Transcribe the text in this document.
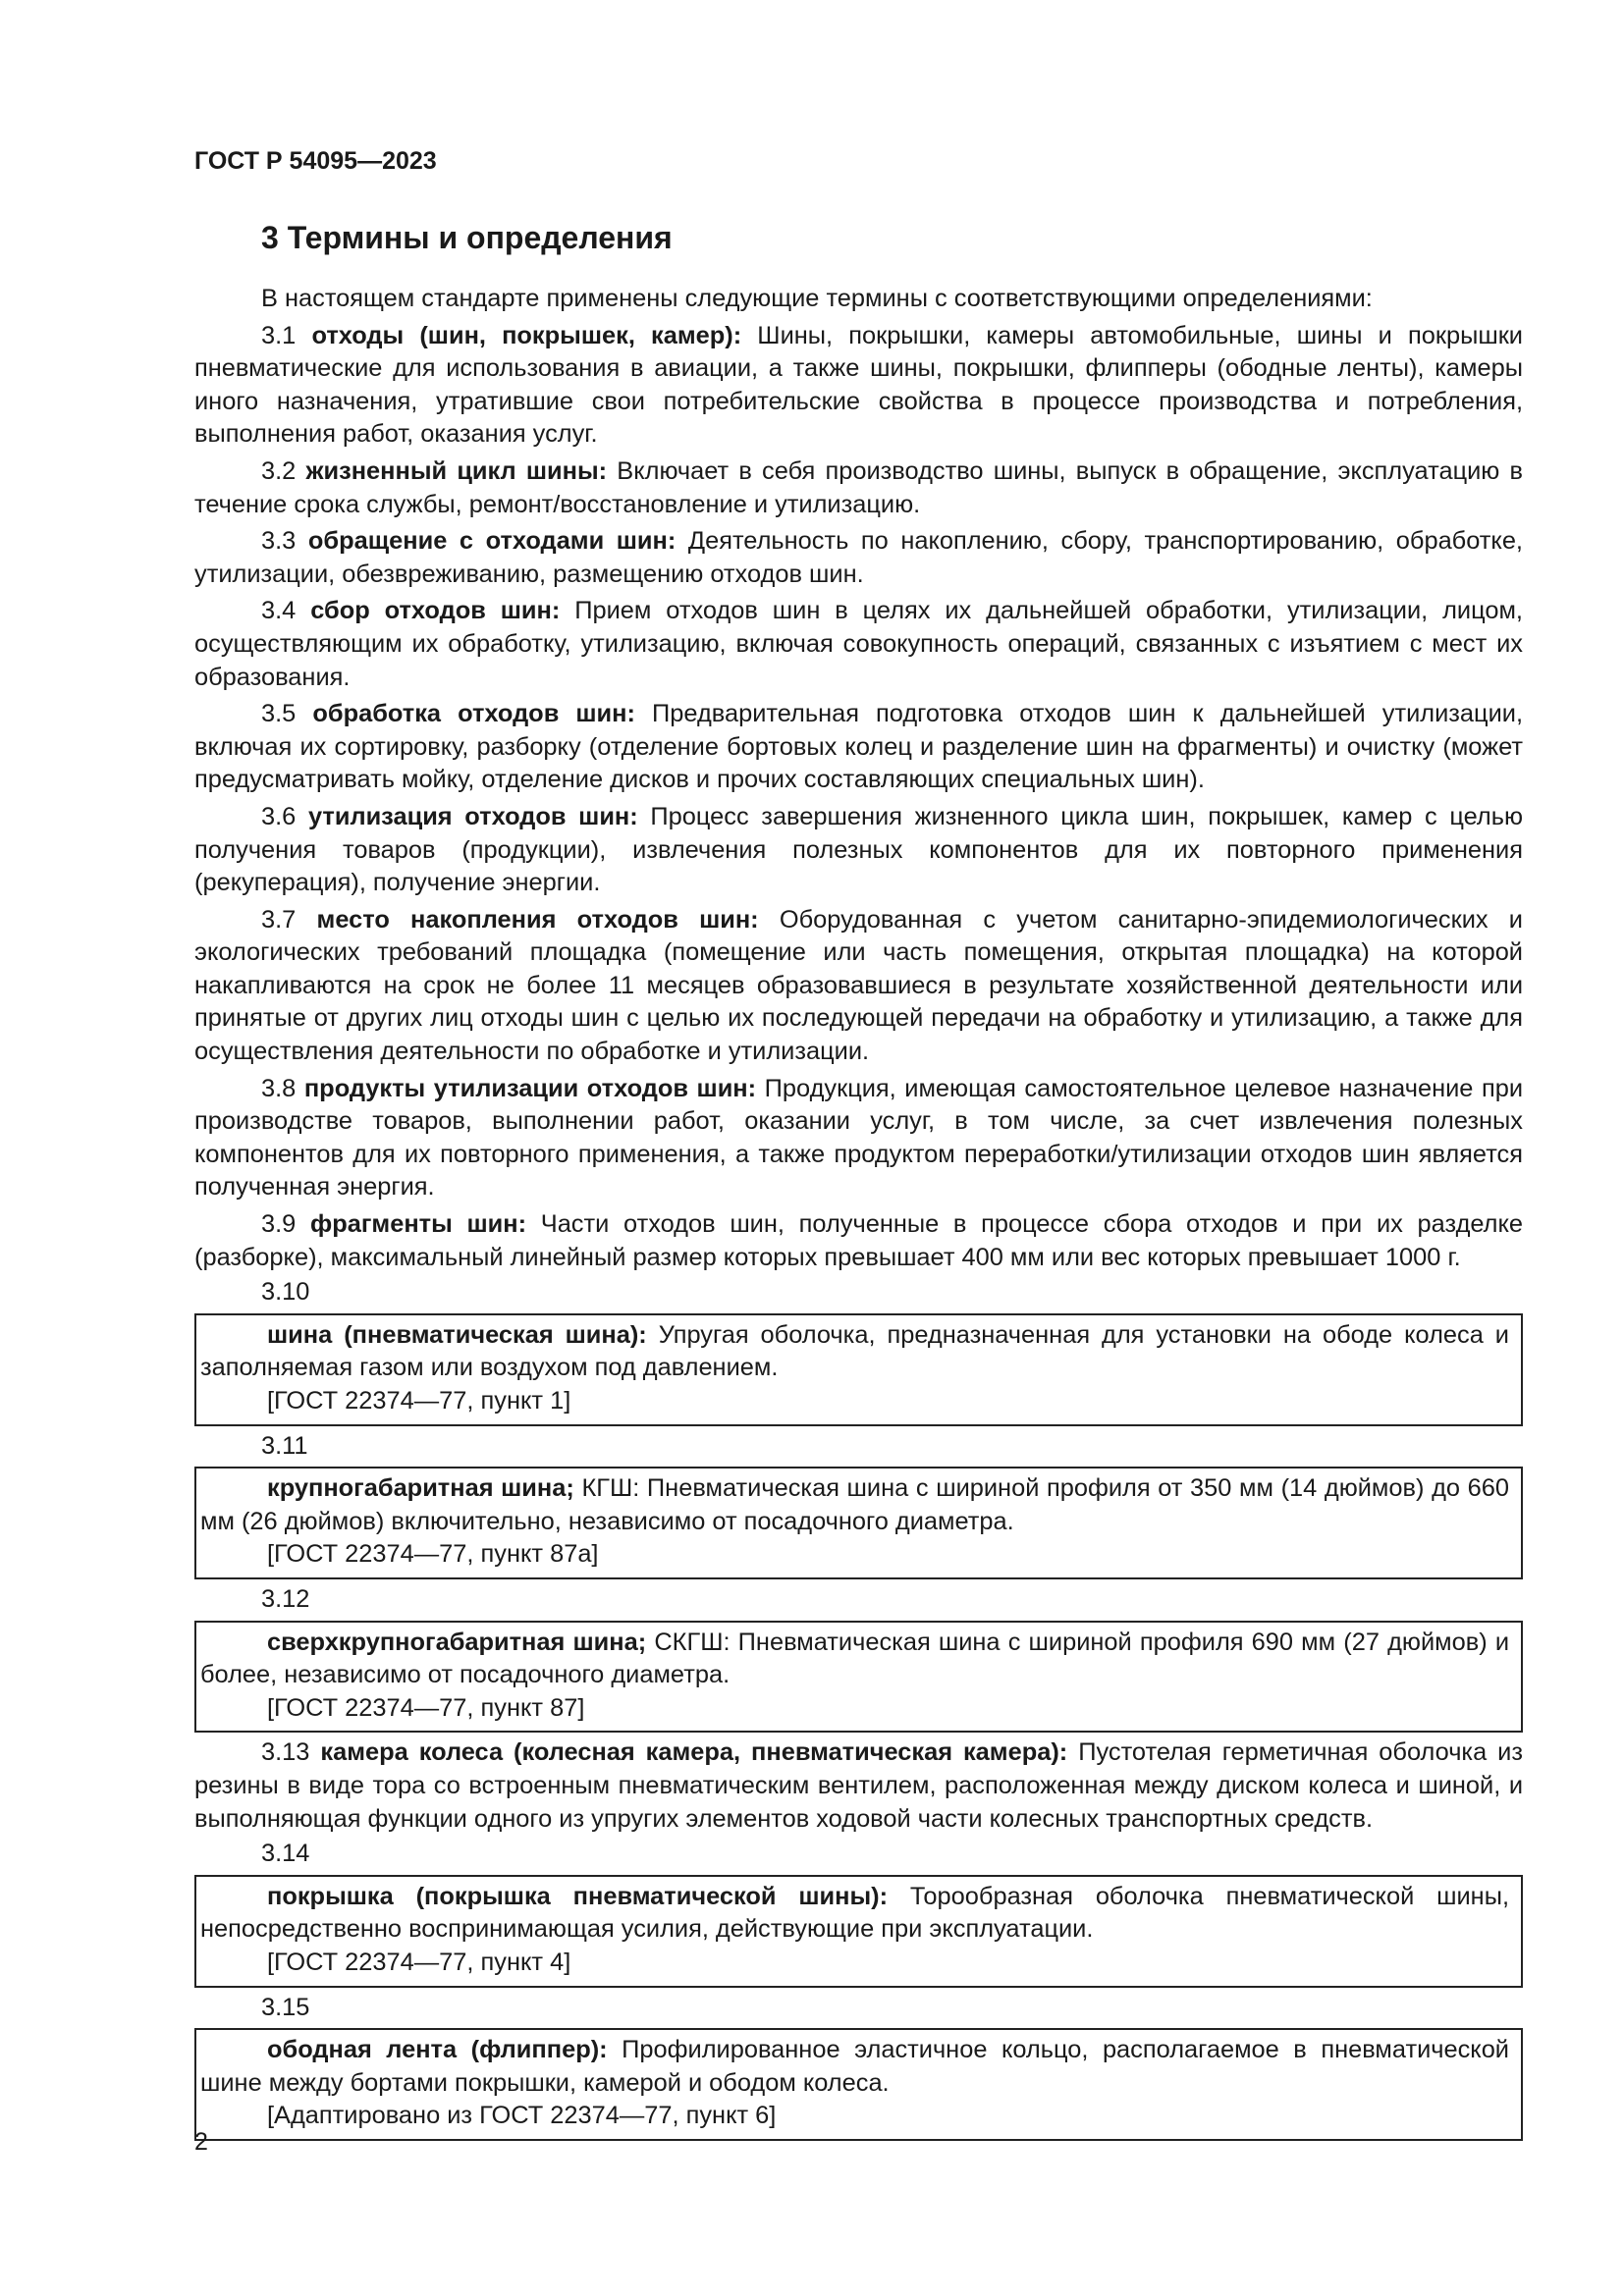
ГОСТ Р 54095—2023
3 Термины и определения

В настоящем стандарте применены следующие термины с соответствующими определениями:

3.1 отходы (шин, покрышек, камер): Шины, покрышки, камеры автомобильные, шины и покрышки пневматические для использования в авиации, а также шины, покрышки, флипперы (ободные ленты), камеры иного назначения, утратившие свои потребительские свойства в процессе производства и потребления, выполнения работ, оказания услуг.

3.2 жизненный цикл шины: Включает в себя производство шины, выпуск в обращение, эксплуатацию в течение срока службы, ремонт/восстановление и утилизацию.

3.3 обращение с отходами шин: Деятельность по накоплению, сбору, транспортированию, обработке, утилизации, обезвреживанию, размещению отходов шин.

3.4 сбор отходов шин: Прием отходов шин в целях их дальнейшей обработки, утилизации, лицом, осуществляющим их обработку, утилизацию, включая совокупность операций, связанных с изъятием с мест их образования.

3.5 обработка отходов шин: Предварительная подготовка отходов шин к дальнейшей утилизации, включая их сортировку, разборку (отделение бортовых колец и разделение шин на фрагменты) и очистку (может предусматривать мойку, отделение дисков и прочих составляющих специальных шин).

3.6 утилизация отходов шин: Процесс завершения жизненного цикла шин, покрышек, камер с целью получения товаров (продукции), извлечения полезных компонентов для их повторного применения (рекуперация), получение энергии.

3.7 место накопления отходов шин: Оборудованная с учетом санитарно-эпидемиологических и экологических требований площадка (помещение или часть помещения, открытая площадка) на которой накапливаются на срок не более 11 месяцев образовавшиеся в результате хозяйственной деятельности или принятые от других лиц отходы шин с целью их последующей передачи на обработку и утилизацию, а также для осуществления деятельности по обработке и утилизации.

3.8 продукты утилизации отходов шин: Продукция, имеющая самостоятельное целевое назначение при производстве товаров, выполнении работ, оказании услуг, в том числе, за счет извлечения полезных компонентов для их повторного применения, а также продуктом переработки/утилизации отходов шин является полученная энергия.

3.9 фрагменты шин: Части отходов шин, полученные в процессе сбора отходов и при их разделке (разборке), максимальный линейный размер которых превышает 400 мм или вес которых превышает 1000 г.

3.10

шина (пневматическая шина): Упругая оболочка, предназначенная для установки на ободе колеса и заполняемая газом или воздухом под давлением.

[ГОСТ 22374—77, пункт 1]

3.11

крупногабаритная шина; КГШ: Пневматическая шина с шириной профиля от 350 мм (14 дюймов) до 660 мм (26 дюймов) включительно, независимо от посадочного диаметра.

[ГОСТ 22374—77, пункт 87а]

3.12

сверхкрупногабаритная шина; СКГШ: Пневматическая шина с шириной профиля 690 мм (27 дюймов) и более, независимо от посадочного диаметра.

[ГОСТ 22374—77, пункт 87]

3.13 камера колеса (колесная камера, пневматическая камера): Пустотелая герметичная оболочка из резины в виде тора со встроенным пневматическим вентилем, расположенная между диском колеса и шиной, и выполняющая функции одного из упругих элементов ходовой части колесных транспортных средств.

3.14

покрышка (покрышка пневматической шины): Торообразная оболочка пневматической шины, непосредственно воспринимающая усилия, действующие при эксплуатации.

[ГОСТ 22374—77, пункт 4]

3.15

ободная лента (флиппер): Профилированное эластичное кольцо, располагаемое в пневматической шине между бортами покрышки, камерой и ободом колеса.

[Адаптировано из ГОСТ 22374—77, пункт 6]

2
